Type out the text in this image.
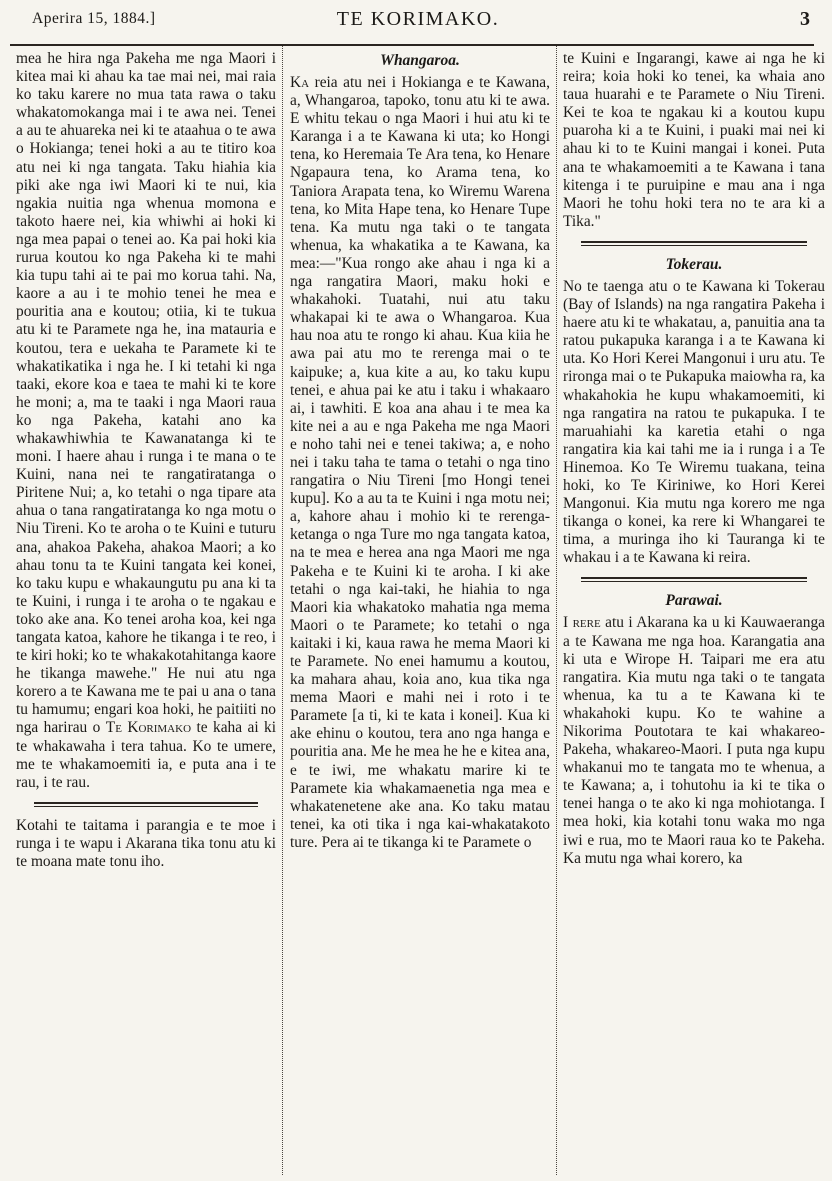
Aperira 15, 1884.]	TE KORIMAKO.	3

mea he hira nga Pakeha me nga Maori i kitea mai ki ahau ka tae mai nei, mai raia ko taku karere no mua tata rawa o taku whakatomokanga mai i te awa nei. Tenei a au te ahuareka nei ki te ataahua o te awa o Hokianga; tenei hoki a au te titiro koa atu nei ki nga tangata. Taku hiahia kia piki ake nga iwi Maori ki te nui, kia ngakia nuitia nga whenua momona e takoto haere nei, kia whiwhi ai hoki ki nga mea papai o tenei ao. Ka pai hoki kia rurua koutou ko nga Pakeha ki te mahi kia tupu tahi ai te pai mo korua tahi. Na, kaore a au i te mohio tenei he mea e pouritia ana e koutou; otiia, ki te tukua atu ki te Paramete nga he, ina matauria e koutou, tera e uekaha te Paramete ki te whakatikatika i nga he. I ki tetahi ki nga taaki, ekore koa e taea te mahi ki te kore he moni; a, ma te taaki i nga Maori raua ko nga Pakeha, katahi ano ka whakawhiwhia te Kawanatanga ki te moni. I haere ahau i runga i te mana o te Kuini, nana nei te rangatiratanga o Piritene Nui; a, ko tetahi o nga tipare ata ahua o tana rangatiratanga ko nga motu o Niu Tireni. Ko te aroha o te Kuini e tuturu ana, ahakoa Pakeha, ahakoa Maori; a ko ahau tonu ta te Kuini tangata kei konei, ko taku kupu e whakaungutu pu ana ki ta te Kuini, i runga i te aroha o te ngakau e toko ake ana. Ko tenei aroha koa, kei nga tangata katoa, kahore he tikanga i te reo, i te kiri hoki; ko te whakakotahitanga kaore he tikanga mawehe." He nui atu nga korero a te Kawana me te pai u ana o tana tu hamumu; engari koa hoki, he paitiiti no nga harirau o Te Korimako te kaha ai ki te whakawaha i tera tahua. Ko te umere, me te whakamoemiti ia, e puta ana i te rau, i te rau.

Kotahi te taitama i parangia e te moe i runga i te wapu i Akarana tika tonu atu ki te moana mate tonu iho.

Whangaroa.

Ka reia atu nei i Hokianga e te Kawana, a, Whangaroa, tapoko, tonu atu ki te awa. E whitu tekau o nga Maori i hui atu ki te Karanga i a te Kawana ki uta; ko Hongi tena, ko Heremaia Te Ara tena, ko Henare Ngapaura tena, ko Arama tena, ko Taniora Arapata tena, ko Wiremu Warena tena, ko Mita Hape tena, ko Henare Tupe tena. Ka mutu nga taki o te tangata whenua, ka whakatika a te Kawana, ka mea:—"Kua rongo ake ahau i nga ki a nga rangatira Maori, maku hoki e whakahoki. Tuatahi, nui atu taku whakapai ki te awa o Whangaroa. Kua hau noa atu te rongo ki ahau. Kua kiia he awa pai atu mo te rerenga mai o te kaipuke; a, kua kite a au, ko taku kupu tenei, e ahua pai ke atu i taku i whakaaro ai, i tawhiti. E koa ana ahau i te mea ka kite nei a au e nga Pakeha me nga Maori e noho tahi nei e tenei takiwa; a, e noho nei i taku taha te tama o tetahi o nga tino rangatira o Niu Tireni [mo Hongi tenei kupu]. Ko a au ta te Kuini i nga motu nei; a, kahore ahau i mohio ki te rerenga-ketanga o nga Ture mo nga tangata katoa, na te mea e herea ana nga Maori me nga Pakeha e te Kuini ki te aroha. I ki ake tetahi o nga kai-taki, he hiahia to nga Maori kia whakatoko mahatia nga mema Maori o te Paramete; ko tetahi o nga kaitaki i ki, kaua rawa he mema Maori ki te Paramete. No enei hamumu a koutou, ka mahara ahau, koia ano, kua tika nga mema Maori e mahi nei i roto i te Paramete [a ti, ki te kata i konei]. Kua ki ake ehinu o koutou, tera ano nga hanga e pouritia ana. Me he mea he he e kitea ana, e te iwi, me whakatu marire ki te Paramete kia whakamaenetia nga mea e whakatenetene ake ana. Ko taku matau tenei, ka oti tika i nga kai-whakatakoto ture. Pera ai te tikanga ki te Paramete o

te Kuini e Ingarangi, kawe ai nga he ki reira; koia hoki ko tenei, ka whaia ano taua huarahi e te Paramete o Niu Tireni. Kei te koa te ngakau ki a koutou kupu puaroha ki a te Kuini, i puaki mai nei ki ahau ki to te Kuini mangai i konei. Puta ana te whakamoemiti a te Kawana i tana kitenga i te puruipine e mau ana i nga Maori he tohu hoki tera no te ara ki a Tika."

Tokerau.

No te taenga atu o te Kawana ki Tokerau (Bay of Islands) na nga rangatira Pakeha i haere atu ki te whakatau, a, panuitia ana ta ratou pukapuka karanga i a te Kawana ki uta. Ko Hori Kerei Mangonui i uru atu. Te rironga mai o te Pukapuka maiowha ra, ka whakahokia he kupu whakamoemiti, ki nga rangatira na ratou te pukapuka. I te maruahiahi ka karetia etahi o nga rangatira kia kai tahi me ia i runga i a Te Hinemoa. Ko Te Wiremu tuakana, teina hoki, ko Te Kiriniwe, ko Hori Kerei Mangonui. Kia mutu nga korero me nga tikanga o konei, ka rere ki Whangarei te tima, a muringa iho ki Tauranga ki te whakau i a te Kawana ki reira.

Parawai.

I rere atu i Akarana ka u ki Kauwaeranga a te Kawana me nga hoa. Karangatia ana ki uta e Wirope H. Taipari me era atu rangatira. Kia mutu nga taki o te tangata whenua, ka tu a te Kawana ki te whakahoki kupu. Ko te wahine a Nikorima Poutotara te kai whakareo-Pakeha, whakareo-Maori. I puta nga kupu whakanui mo te tangata mo te whenua, a te Kawana; a, i tohutohu ia ki te tika o tenei hanga o te ako ki nga mohiotanga. I mea hoki, kia kotahi tonu waka mo nga iwi e rua, mo te Maori raua ko te Pakeha. Ka mutu nga whai korero, ka
